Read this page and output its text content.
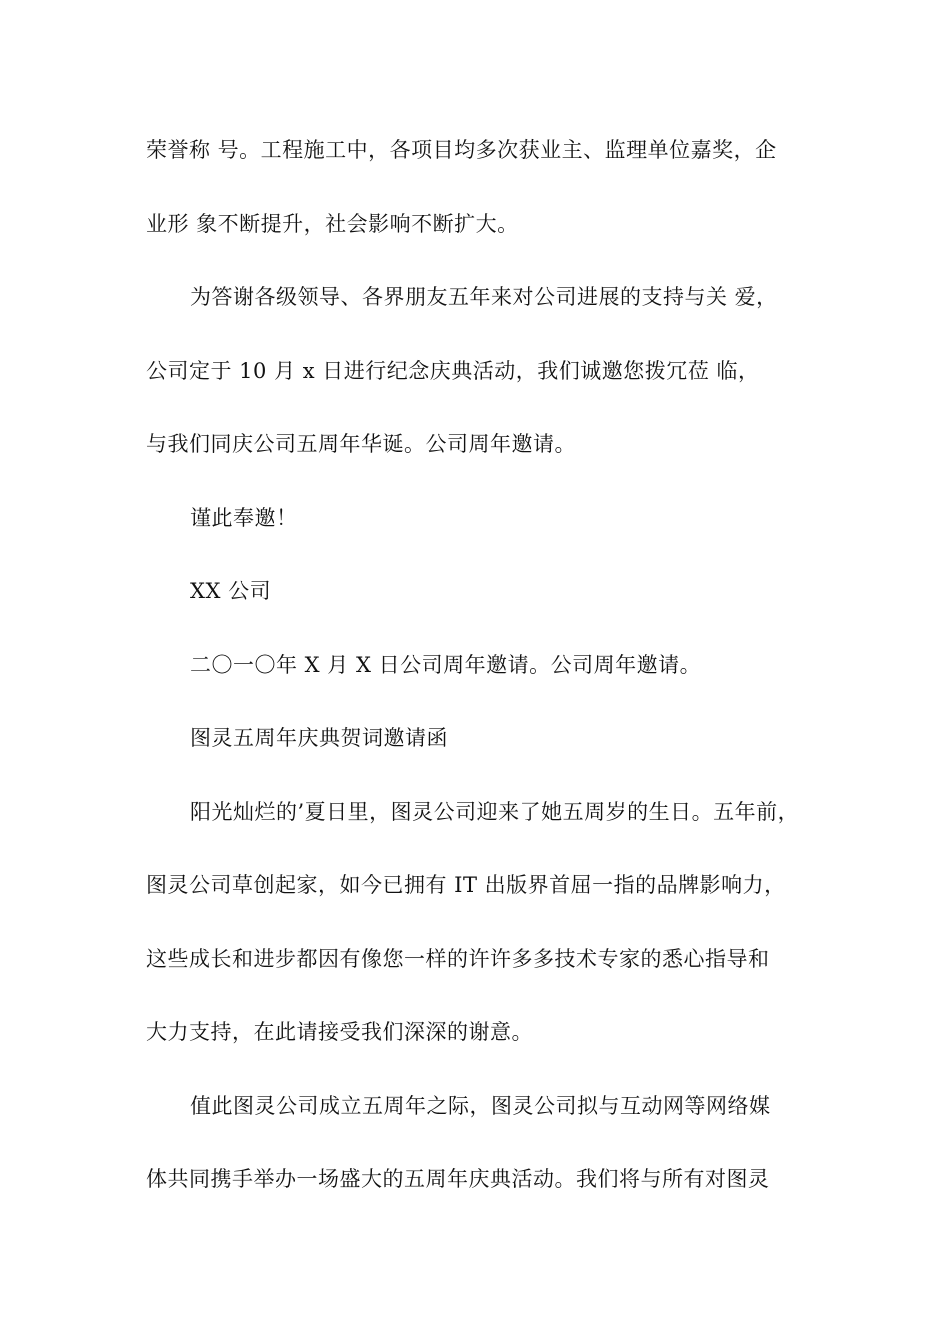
荣誉称 号。工程施工中，各项目均多次获业主、监理单位嘉奖，企
业形 象不断提升，社会影响不断扩大。
为答谢各级领导、各界朋友五年来对公司进展的支持与关 爱，
公司定于 10 月 x 日进行纪念庆典活动，我们诚邀您拨冗莅 临，
与我们同庆公司五周年华诞。公司周年邀请。
谨此奉邀！
XX 公司
二〇一〇年 X 月 X 日公司周年邀请。公司周年邀请。
图灵五周年庆典贺词邀请函
阳光灿烂的’夏日里，图灵公司迎来了她五周岁的生日。五年前，
图灵公司草创起家，如今已拥有 IT 出版界首屈一指的品牌影响力，
这些成长和进步都因有像您一样的许许多多技术专家的悉心指导和
大力支持，在此请接受我们深深的谢意。
值此图灵公司成立五周年之际，图灵公司拟与互动网等网络媒
体共同携手举办一场盛大的五周年庆典活动。我们将与所有对图灵
